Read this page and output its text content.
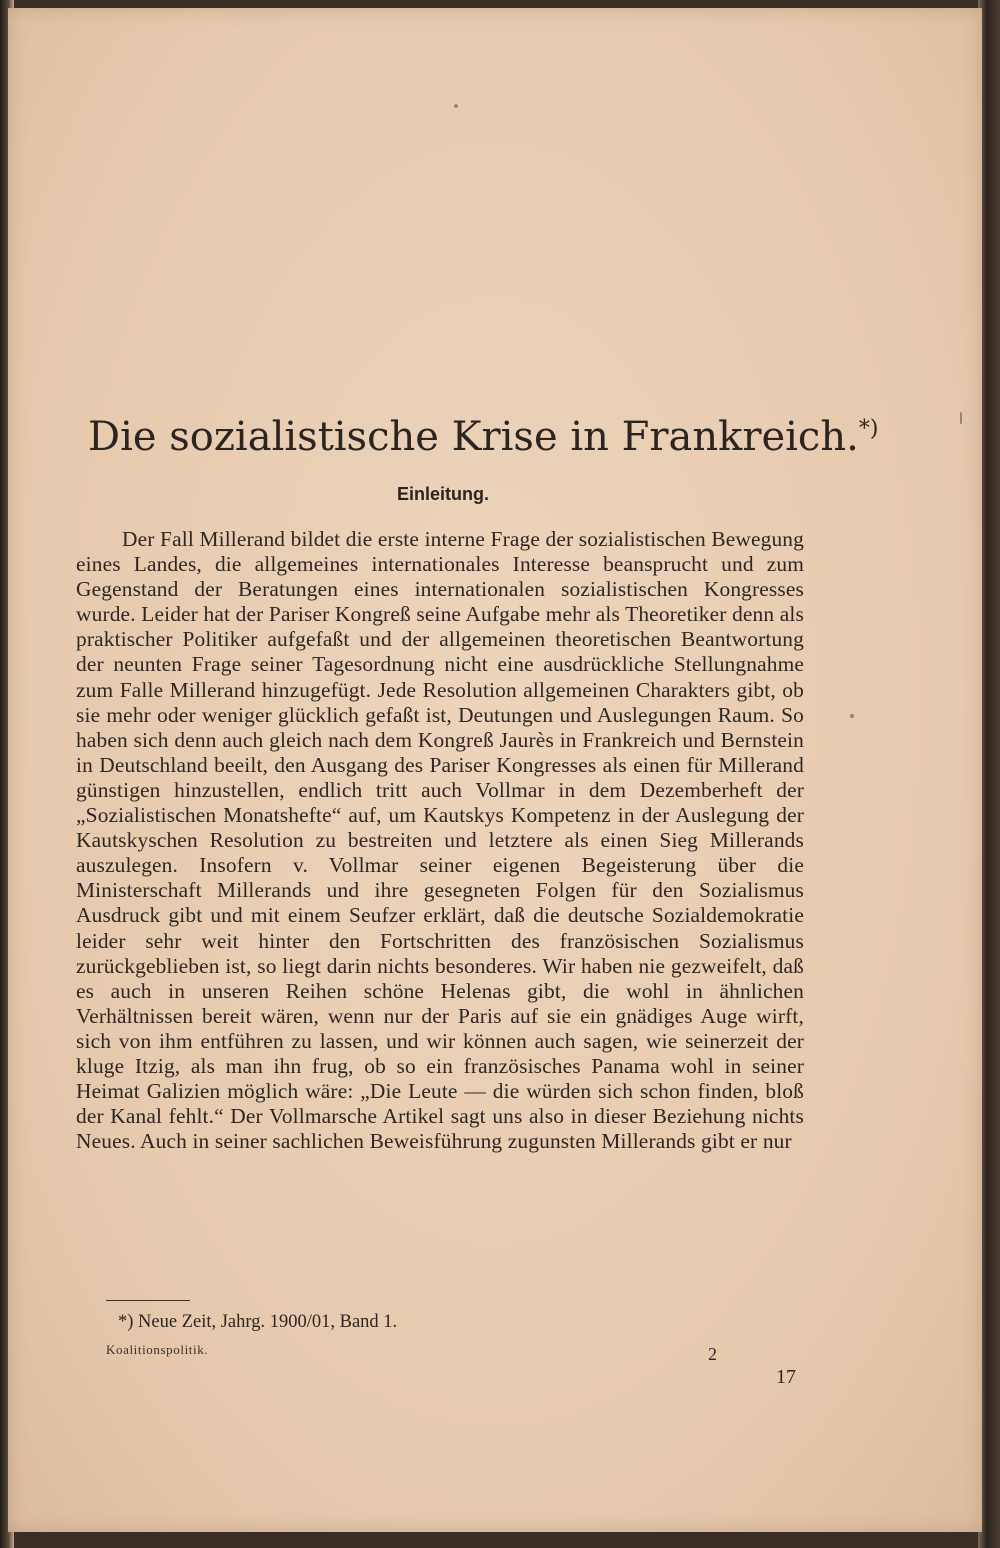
Die sozialistische Krise in Frankreich.*)
Einleitung.

Der Fall Millerand bildet die erste interne Frage der sozialistischen Bewegung eines Landes, die allgemeines internationales Interesse beansprucht und zum Gegenstand der Beratungen eines internationalen sozialistischen Kongresses wurde. Leider hat der Pariser Kongreß seine Aufgabe mehr als Theoretiker denn als praktischer Politiker aufgefaßt und der allgemeinen theoretischen Beantwortung der neunten Frage seiner Tagesordnung nicht eine ausdrückliche Stellungnahme zum Falle Millerand hinzugefügt. Jede Resolution allgemeinen Charakters gibt, ob sie mehr oder weniger glücklich gefaßt ist, Deutungen und Auslegungen Raum. So haben sich denn auch gleich nach dem Kongreß Jaurès in Frankreich und Bernstein in Deutschland beeilt, den Ausgang des Pariser Kongresses als einen für Millerand günstigen hinzustellen, endlich tritt auch Vollmar in dem Dezemberheft der „Sozialistischen Monatshefte“ auf, um Kautskys Kompetenz in der Auslegung der Kautskyschen Resolution zu bestreiten und letztere als einen Sieg Millerands auszulegen. Insofern v. Vollmar seiner eigenen Begeisterung über die Ministerschaft Millerands und ihre gesegneten Folgen für den Sozialismus Ausdruck gibt und mit einem Seufzer erklärt, daß die deutsche Sozialdemokratie leider sehr weit hinter den Fortschritten des französischen Sozialismus zurückgeblieben ist, so liegt darin nichts besonderes. Wir haben nie gezweifelt, daß es auch in unseren Reihen schöne Helenas gibt, die wohl in ähnlichen Verhältnissen bereit wären, wenn nur der Paris auf sie ein gnädiges Auge wirft, sich von ihm entführen zu lassen, und wir können auch sagen, wie seinerzeit der kluge Itzig, als man ihn frug, ob so ein französisches Panama wohl in seiner Heimat Galizien möglich wäre: „Die Leute — die würden sich schon finden, bloß der Kanal fehlt.“ Der Vollmarsche Artikel sagt uns also in dieser Beziehung nichts Neues. Auch in seiner sachlichen Beweisführung zugunsten Millerands gibt er nur

*) Neue Zeit, Jahrg. 1900/01, Band 1.
Koalitionspolitik.	2
17
